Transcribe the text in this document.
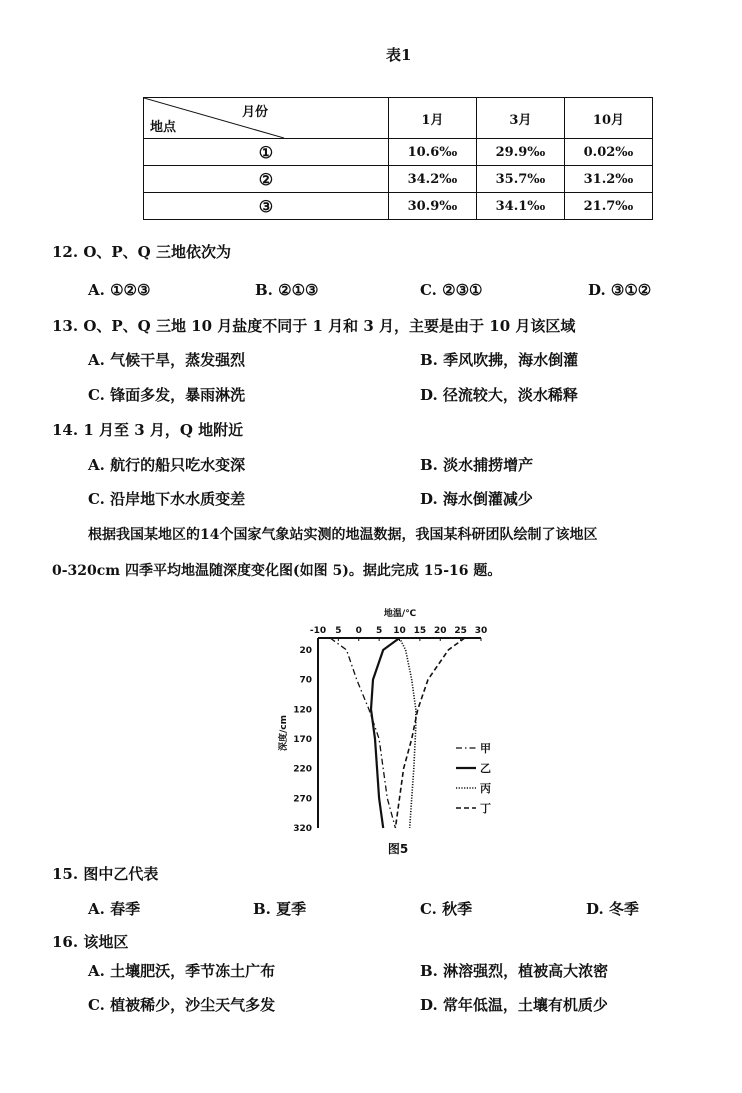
表1
月份
地点	1月	3月	10月
①	10.6‰	29.9‰	0.02‰
②	34.2‰	35.7‰	31.2‰
③	30.9‰	34.1‰	21.7‰
12. O、P、Q 三地依次为
A. ①②③	B. ②①③	C. ②③①	D. ③①②
13. O、P、Q 三地 10 月盐度不同于 1 月和 3 月，主要是由于 10 月该区域
A. 气候干旱，蒸发强烈	B. 季风吹拂，海水倒灌
C. 锋面多发，暴雨淋洗	D. 径流较大，淡水稀释
14. 1 月至 3 月，Q 地附近
A. 航行的船只吃水变深	B. 淡水捕捞增产
C. 沿岸地下水水质变差	D. 海水倒灌减少
根据我国某地区的14个国家气象站实测的地温数据，我国某科研团队绘制了该地区
0-320cm 四季平均地温随深度变化图(如图 5)。据此完成 15-16 题。
地温/℃
-10 5 0 5 10 15 20 25 30
20
70
120
170
220
270
320
深度/cm	甲
乙
丙
丁
图5
15. 图中乙代表
A. 春季	B. 夏季	C. 秋季	D. 冬季
16. 该地区
A. 土壤肥沃，季节冻土广布	B. 淋溶强烈，植被高大浓密
C. 植被稀少，沙尘天气多发	D. 常年低温，土壤有机质少
